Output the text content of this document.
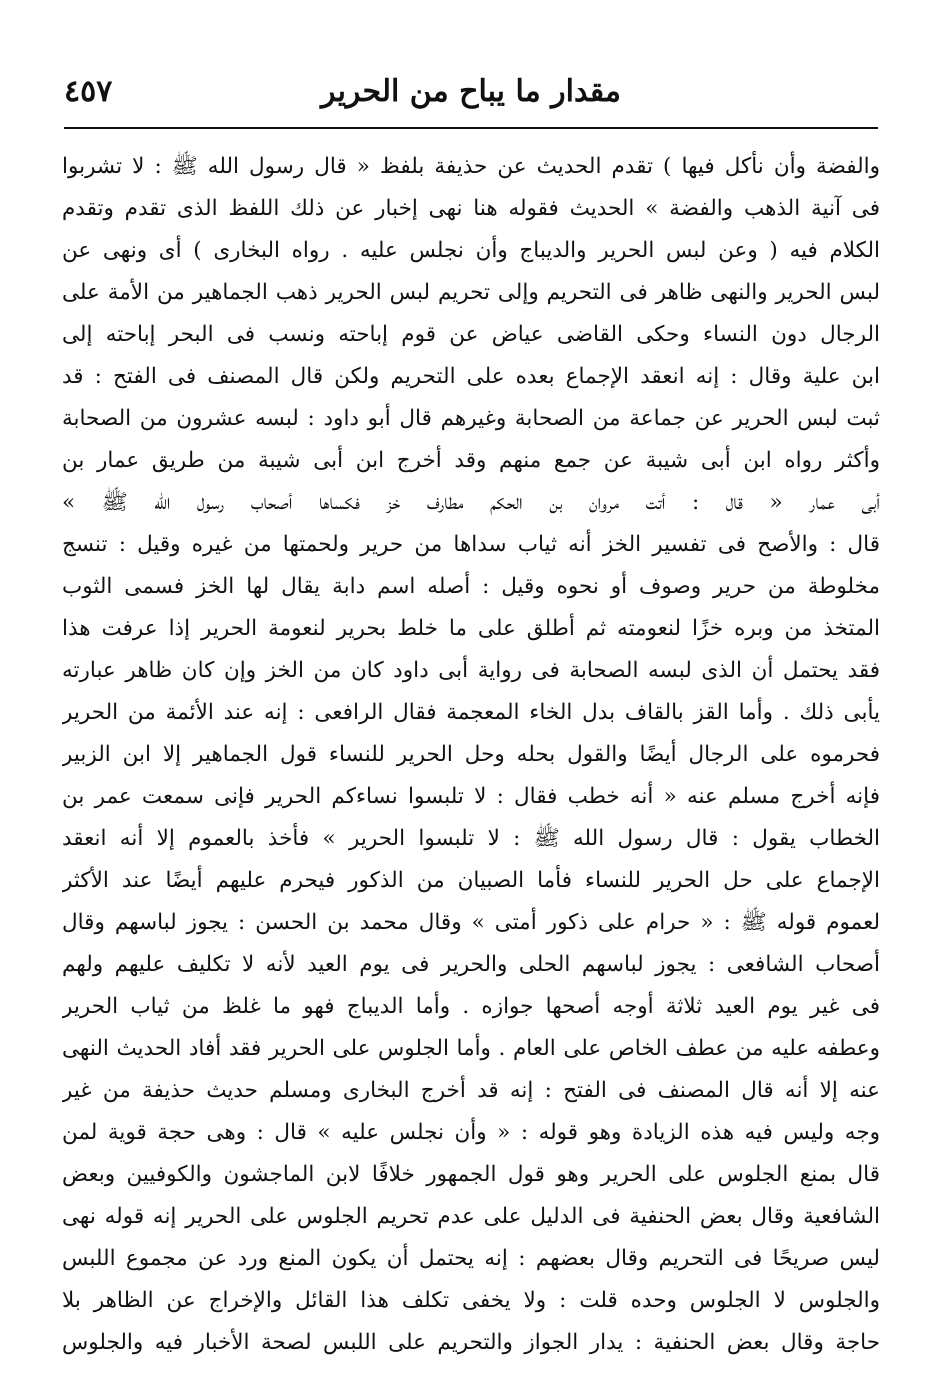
مقدار ما يباح من الحرير
٤٥٧
والفضة وأن نأكل فيها ) تقدم الحديث عن حذيفة بلفظ « قال رسول الله ﷺ : لا تشربوا
فى آنية الذهب والفضة » الحديث فقوله هنا نهى إخبار عن ذلك اللفظ الذى تقدم وتقدم
الكلام فيه ( وعن لبس الحرير والديباج وأن نجلس عليه . رواه البخارى ) أى ونهى عن
لبس الحرير والنهى ظاهر فى التحريم وإلى تحريم لبس الحرير ذهب الجماهير من الأمة على
الرجال دون النساء وحكى القاضى عياض عن قوم إباحته ونسب فى البحر إباحته إلى
ابن علية وقال : إنه انعقد الإجماع بعده على التحريم ولكن قال المصنف فى الفتح : قد
ثبت لبس الحرير عن جماعة من الصحابة وغيرهم قال أبو داود : لبسه عشرون من الصحابة
وأكثر رواه ابن أبى شيبة عن جمع منهم وقد أخرج ابن أبى شيبة من طريق عمار بن
أبى عمار « قال : أتت مروان بن الحكم مطارف خز فكساها أصحاب رسول الله ﷺ »
قال : والأصح فى تفسير الخز أنه ثياب سداها من حرير ولحمتها من غيره وقيل : تنسج
مخلوطة من حرير وصوف أو نحوه وقيل : أصله اسم دابة يقال لها الخز فسمى الثوب
المتخذ من وبره خزًا لنعومته ثم أطلق على ما خلط بحرير لنعومة الحرير إذا عرفت هذا
فقد يحتمل أن الذى لبسه الصحابة فى رواية أبى داود كان من الخز وإن كان ظاهر عبارته
يأبى ذلك . وأما القز بالقاف بدل الخاء المعجمة فقال الرافعى : إنه عند الأئمة من الحرير
فحرموه على الرجال أيضًا والقول بحله وحل الحرير للنساء قول الجماهير إلا ابن الزبير
فإنه أخرج مسلم عنه « أنه خطب فقال : لا تلبسوا نساءكم الحرير فإنى سمعت عمر بن
الخطاب يقول : قال رسول الله ﷺ : لا تلبسوا الحرير » فأخذ بالعموم إلا أنه انعقد
الإجماع على حل الحرير للنساء فأما الصبيان من الذكور فيحرم عليهم أيضًا عند الأكثر
لعموم قوله ﷺ : « حرام على ذكور أمتى » وقال محمد بن الحسن : يجوز لباسهم وقال
أصحاب الشافعى : يجوز لباسهم الحلى والحرير فى يوم العيد لأنه لا تكليف عليهم ولهم
فى غير يوم العيد ثلاثة أوجه أصحها جوازه . وأما الديباج فهو ما غلظ من ثياب الحرير
وعطفه عليه من عطف الخاص على العام . وأما الجلوس على الحرير فقد أفاد الحديث النهى
عنه إلا أنه قال المصنف فى الفتح : إنه قد أخرج البخارى ومسلم حديث حذيفة من غير
وجه وليس فيه هذه الزيادة وهو قوله : « وأن نجلس عليه » قال : وهى حجة قوية لمن
قال بمنع الجلوس على الحرير وهو قول الجمهور خلافًا لابن الماجشون والكوفيين وبعض
الشافعية وقال بعض الحنفية فى الدليل على عدم تحريم الجلوس على الحرير إنه قوله نهى
ليس صريحًا فى التحريم وقال بعضهم : إنه يحتمل أن يكون المنع ورد عن مجموع اللبس
والجلوس لا الجلوس وحده قلت : ولا يخفى تكلف هذا القائل والإخراج عن الظاهر بلا
حاجة وقال بعض الحنفية : يدار الجواز والتحريم على اللبس لصحة الأخبار فيه والجلوس
